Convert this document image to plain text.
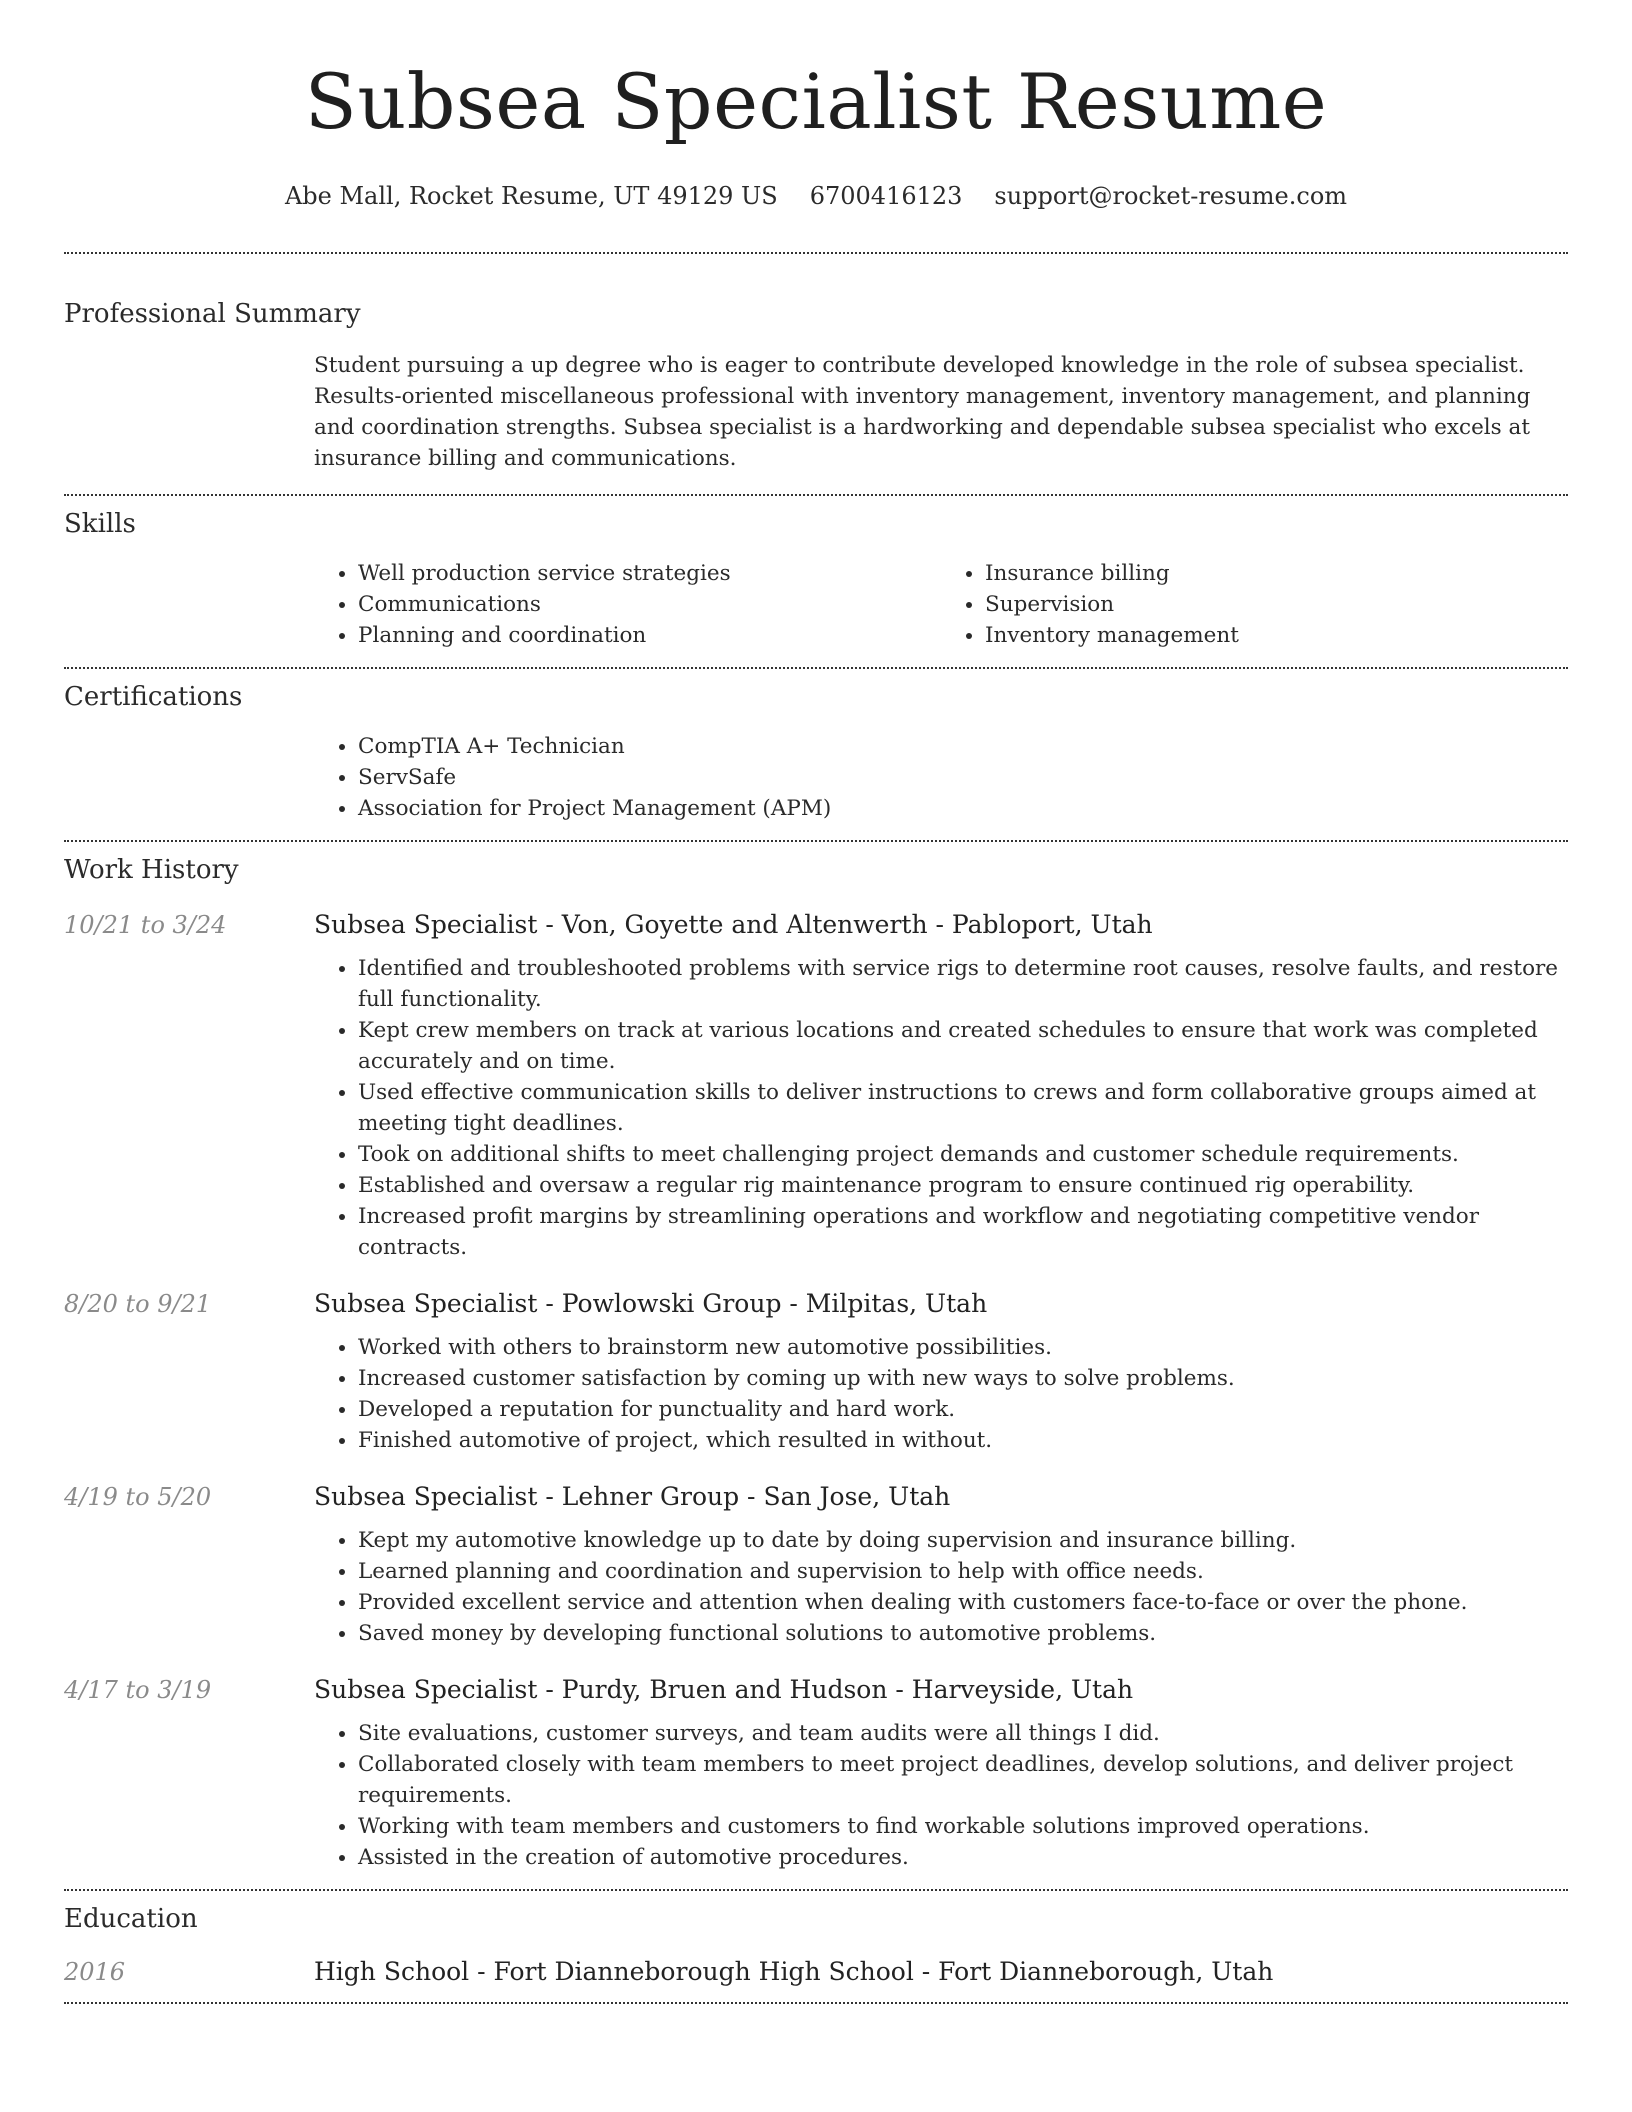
Subsea Specialist Resume
Abe Mall, Rocket Resume, UT 49129 US 6700416123 support@rocket-resume.com
Professional Summary

Student pursuing a up degree who is eager to contribute developed knowledge in the role of subsea specialist. Results-oriented miscellaneous professional with inventory management, inventory management, and planning and coordination strengths. Subsea specialist is a hardworking and dependable subsea specialist who excels at insurance billing and communications.

Skills
• Well production service strategies
• Communications
• Planning and coordination
• Insurance billing
• Supervision
• Inventory management
Certifications
• CompTIA A+ Technician
• ServSafe
• Association for Project Management (APM)
Work History
10/21 to 3/24	Subsea Specialist - Von, Goyette and Altenwerth - Pabloport, Utah
• Identified and troubleshooted problems with service rigs to determine root causes, resolve faults, and restore full functionality.
• Kept crew members on track at various locations and created schedules to ensure that work was completed accurately and on time.
• Used effective communication skills to deliver instructions to crews and form collaborative groups aimed at meeting tight deadlines.
• Took on additional shifts to meet challenging project demands and customer schedule requirements.
• Established and oversaw a regular rig maintenance program to ensure continued rig operability.
• Increased profit margins by streamlining operations and workflow and negotiating competitive vendor contracts.
8/20 to 9/21	Subsea Specialist - Powlowski Group - Milpitas, Utah
• Worked with others to brainstorm new automotive possibilities.
• Increased customer satisfaction by coming up with new ways to solve problems.
• Developed a reputation for punctuality and hard work.
• Finished automotive of project, which resulted in without.
4/19 to 5/20	Subsea Specialist - Lehner Group - San Jose, Utah
• Kept my automotive knowledge up to date by doing supervision and insurance billing.
• Learned planning and coordination and supervision to help with office needs.
• Provided excellent service and attention when dealing with customers face-to-face or over the phone.
• Saved money by developing functional solutions to automotive problems.
4/17 to 3/19	Subsea Specialist - Purdy, Bruen and Hudson - Harveyside, Utah
• Site evaluations, customer surveys, and team audits were all things I did.
• Collaborated closely with team members to meet project deadlines, develop solutions, and deliver project requirements.
• Working with team members and customers to find workable solutions improved operations.
• Assisted in the creation of automotive procedures.
Education
2016	High School - Fort Dianneborough High School - Fort Dianneborough, Utah
